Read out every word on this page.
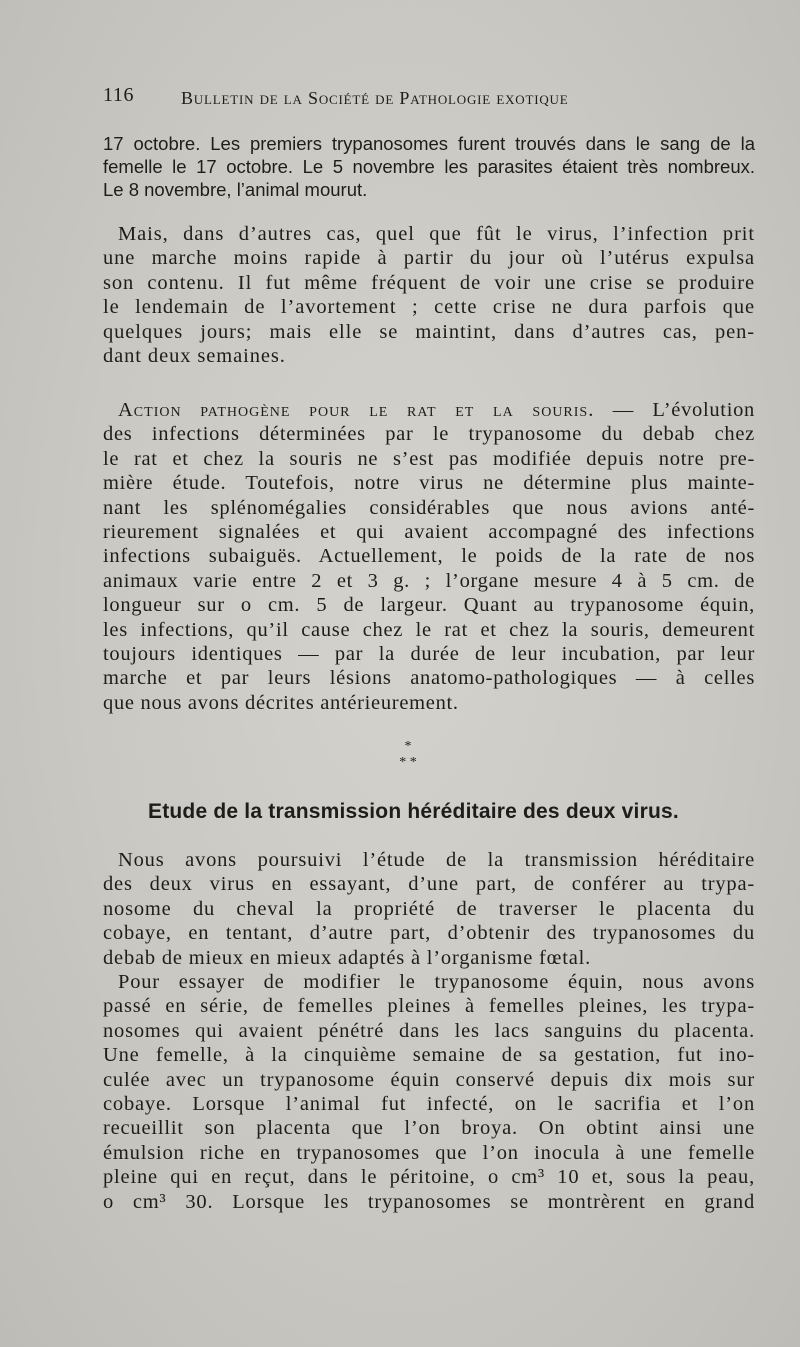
116	Bulletin de la Société de Pathologie exotique
17 octobre. Les premiers trypanosomes furent trouvés dans le sang de la
femelle le 17 octobre. Le 5 novembre les parasites étaient très nombreux.
Le 8 novembre, l’animal mourut.
Mais, dans d’autres cas, quel que fût le virus, l’infection prit
une marche moins rapide à partir du jour où l’utérus expulsa
son contenu. Il fut même fréquent de voir une crise se produire
le lendemain de l’avortement ; cette crise ne dura parfois que
quelques jours; mais elle se maintint, dans d’autres cas, pen-
dant deux semaines.
Action pathogène pour le rat et la souris. — L’évolution
des infections déterminées par le trypanosome du debab chez
le rat et chez la souris ne s’est pas modifiée depuis notre pre-
mière étude. Toutefois, notre virus ne détermine plus mainte-
nant les splénomégalies considérables que nous avions anté-
rieurement signalées et qui avaient accompagné des infections
infections subaiguës. Actuellement, le poids de la rate de nos
animaux varie entre 2 et 3 g. ; l’organe mesure 4 à 5 cm. de
longueur sur o cm. 5 de largeur. Quant au trypanosome équin,
les infections, qu’il cause chez le rat et chez la souris, demeurent
toujours identiques — par la durée de leur incubation, par leur
marche et par leurs lésions anatomo-pathologiques — à celles
que nous avons décrites antérieurement.
*
* *
Etude de la transmission héréditaire des deux virus.
Nous avons poursuivi l’étude de la transmission héréditaire
des deux virus en essayant, d’une part, de conférer au trypa-
nosome du cheval la propriété de traverser le placenta du
cobaye, en tentant, d’autre part, d’obtenir des trypanosomes du
debab de mieux en mieux adaptés à l’organisme fœtal.
Pour essayer de modifier le trypanosome équin, nous avons
passé en série, de femelles pleines à femelles pleines, les trypa-
nosomes qui avaient pénétré dans les lacs sanguins du placenta.
Une femelle, à la cinquième semaine de sa gestation, fut ino-
culée avec un trypanosome équin conservé depuis dix mois sur
cobaye. Lorsque l’animal fut infecté, on le sacrifia et l’on
recueillit son placenta que l’on broya. On obtint ainsi une
émulsion riche en trypanosomes que l’on inocula à une femelle
pleine qui en reçut, dans le péritoine, o cm³ 10 et, sous la peau,
o cm³ 30. Lorsque les trypanosomes se montrèrent en grand
